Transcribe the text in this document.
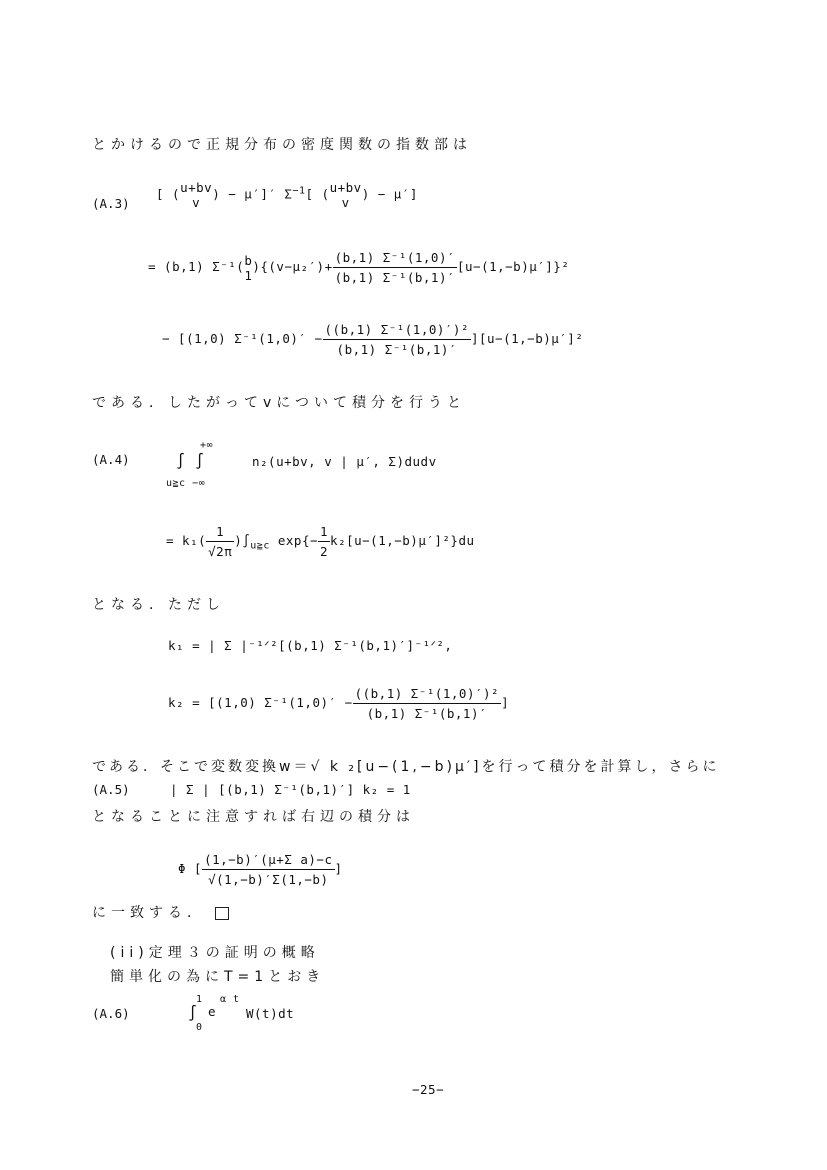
とかけるので正規分布の密度関数の指数部は
(A.3)
[ (u+bv
v) − μ′]′ $\Sigma^{-1}$[ (u+bv
v) − μ′]
= (b,1) Σ⁻¹(b
$1)\{(v-\mu_2')+ \frac{\text{(b,1) Σ⁻¹(1,0)′}}{\text{(b,1) Σ⁻¹(b,1)′}} [u-(1,-b)\mu']\}^2$
− [(1,0) $\Sigma^{-1}(1,0)' - \frac{\text{((b,1) Σ⁻¹(1,0)′)²}}{\text{(b,1) Σ⁻¹(b,1)′}} ][u-(1,-b)\mu']^2$
である．したがってvについて積分を行うと
(A.4)
+∞
∫ ∫	n₂(u+bv, v | μ′, Σ)dudv
u≧c −∞
= $k_1( \frac{1}{√2\pi} )\int_{u≧c}$ $\exp\{- \frac{1}{2} k_2[u-(1,-b)\mu']^2\}du$
となる．ただし
k₁ = | Σ |⁻¹ᐟ²[(b,1) Σ⁻¹(b,1)′]⁻¹ᐟ²,
k₂ = [(1,0) $\Sigma^{-1}(1,0)' - \frac{\text{((b,1) Σ⁻¹(1,0)′)²}}{\text{(b,1) Σ⁻¹(b,1)′}}$ ]
である．そこで変数変換w＝√ k ₂[u−(1,−b)μ′]を行って積分を計算し，さらに
(A.5)	| Σ | [(b,1) Σ⁻¹(b,1)′] k₂ = 1
となることに注意すれば右辺の積分は
Φ [ $\frac{\text{(1,−b)′(μ+Σ a)−c}}{√(1,-b)'\Sigma(1,-b)}$ ]
に一致する．
(ii)定理３の証明の概略
簡単化の為にT=1とおき
(A.6)
1
∫
0
e
α t
W(t)dt
−25−
